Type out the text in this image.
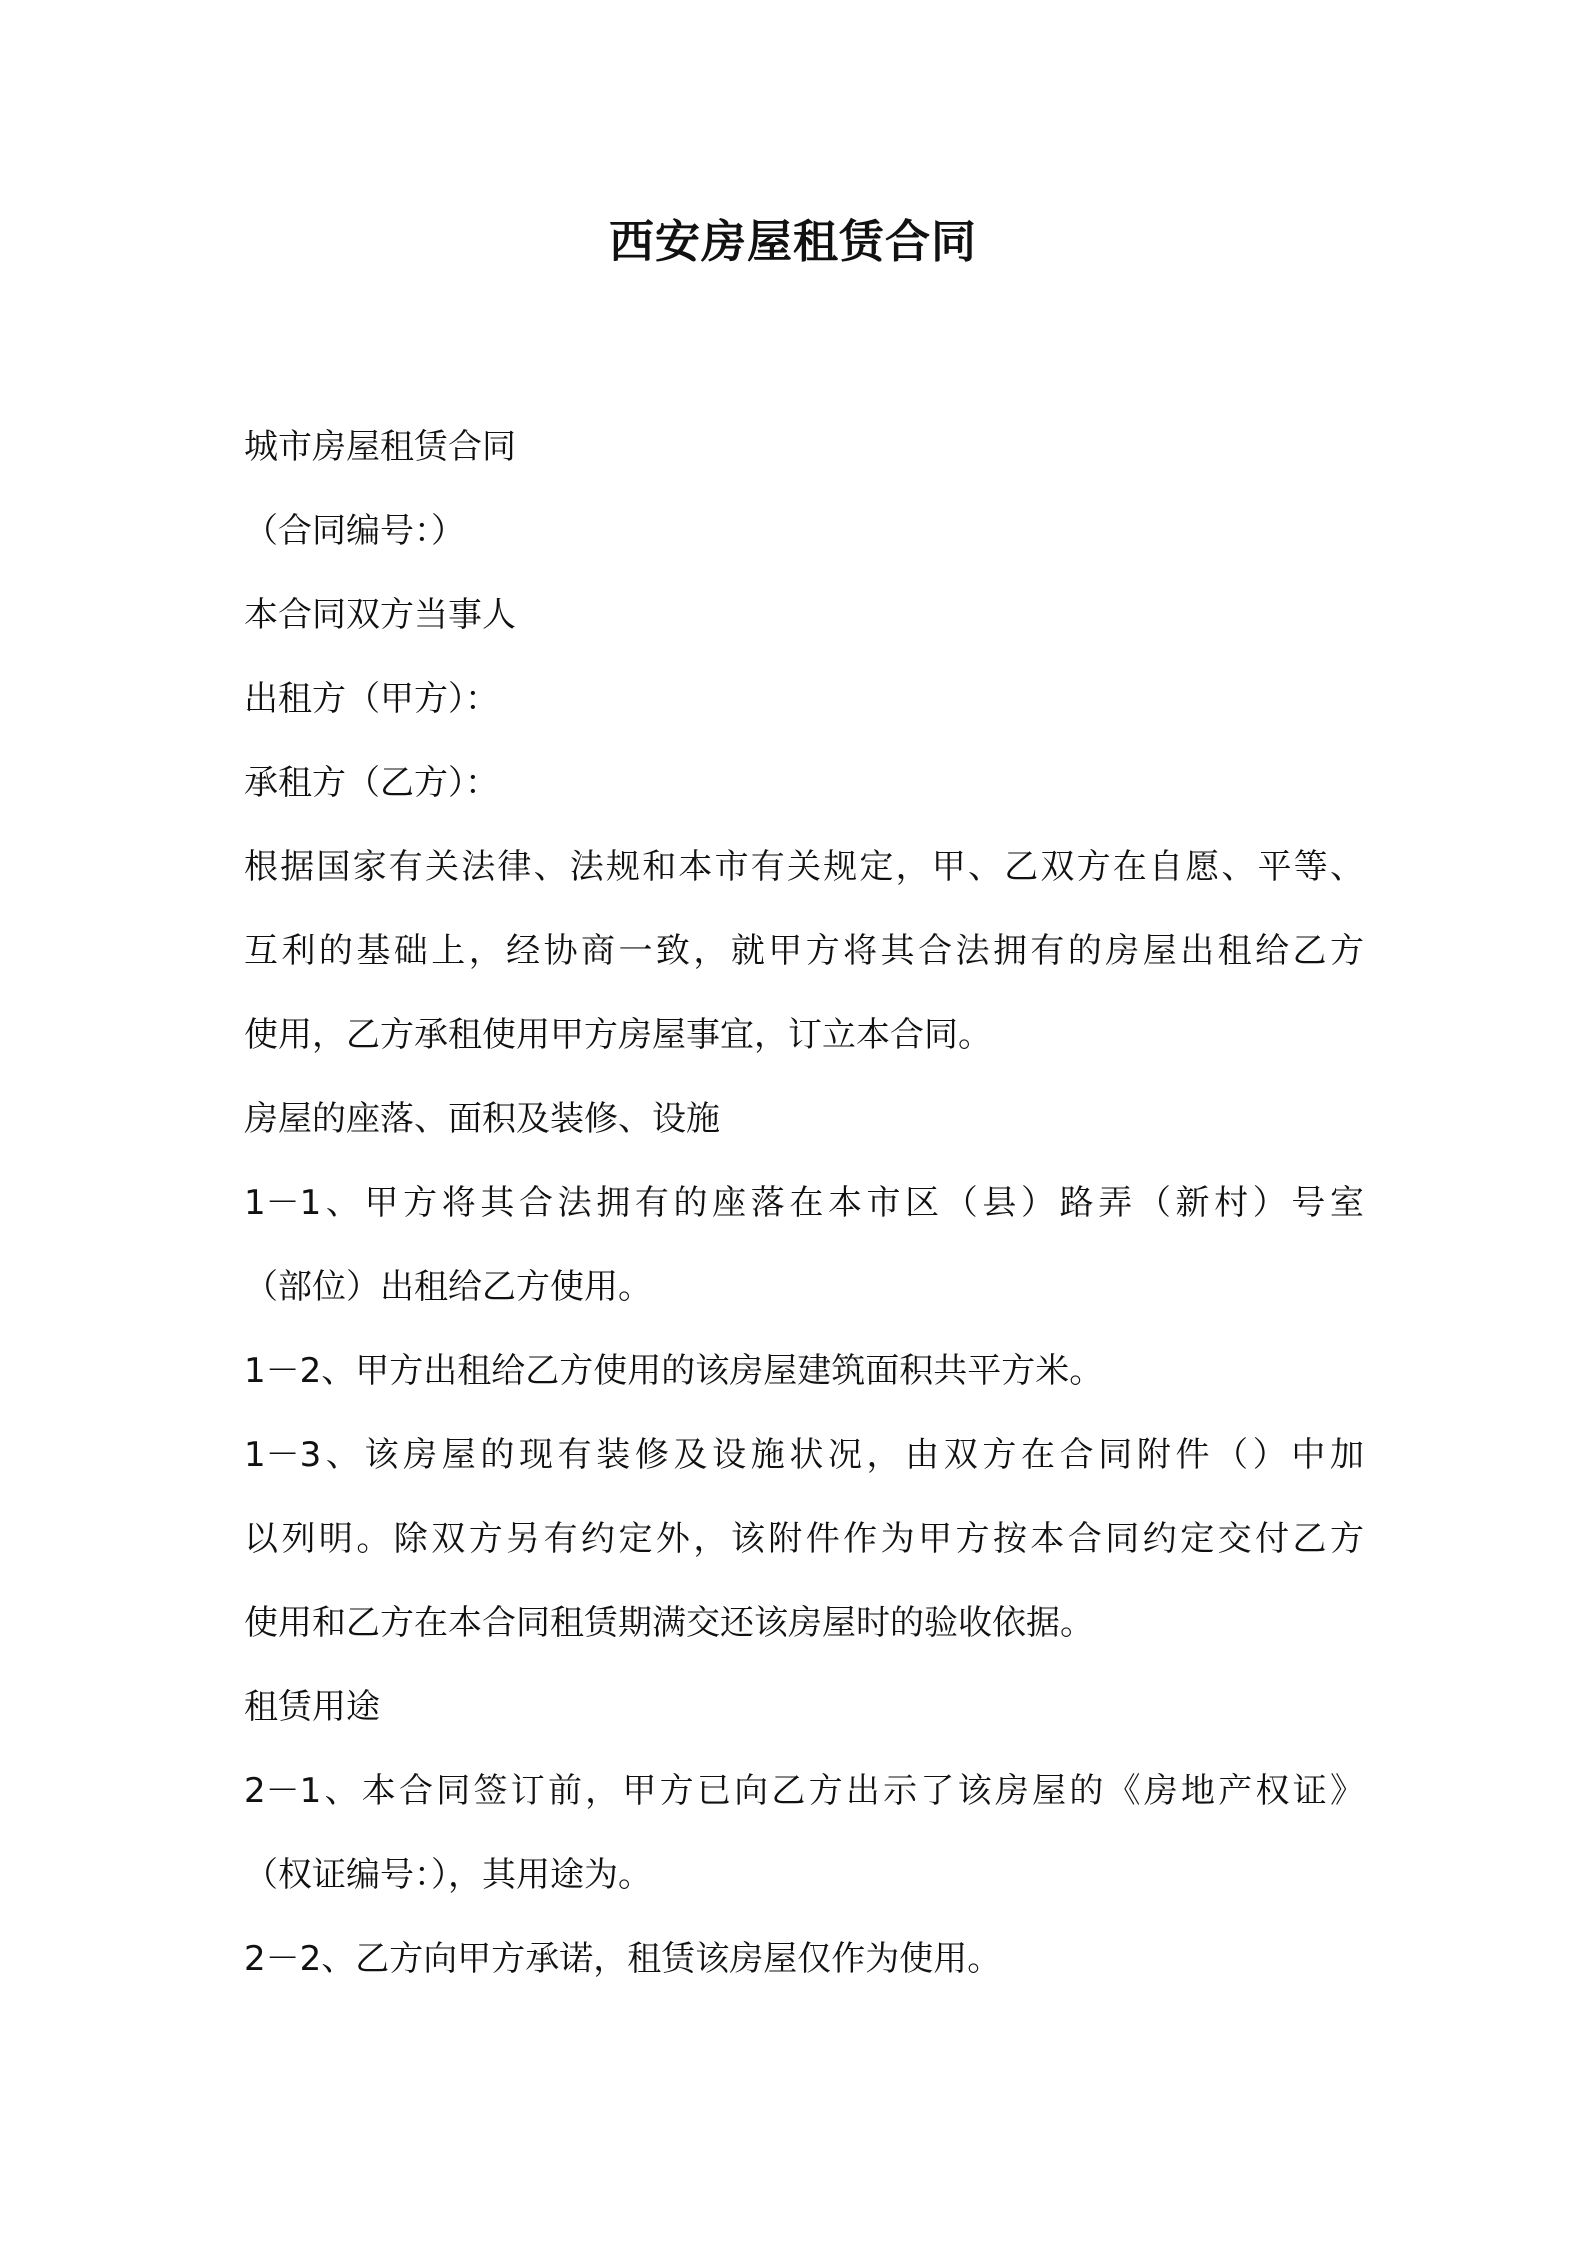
西安房屋租赁合同

城市房屋租赁合同

（合同编号：）

本合同双方当事人

出租方（甲方）：

承租方（乙方）：

根据国家有关法律、法规和本市有关规定，甲、乙双方在自愿、平等、

互利的基础上，经协商一致，就甲方将其合法拥有的房屋出租给乙方

使用，乙方承租使用甲方房屋事宜，订立本合同。

房屋的座落、面积及装修、设施

1－1、甲方将其合法拥有的座落在本市区（县）路弄（新村）号室

（部位）出租给乙方使用。

1－2、甲方出租给乙方使用的该房屋建筑面积共平方米。

1－3、该房屋的现有装修及设施状况，由双方在合同附件（）中加

以列明。除双方另有约定外，该附件作为甲方按本合同约定交付乙方

使用和乙方在本合同租赁期满交还该房屋时的验收依据。

租赁用途

2－1、本合同签订前，甲方已向乙方出示了该房屋的《房地产权证》

（权证编号：），其用途为。

2－2、乙方向甲方承诺，租赁该房屋仅作为使用。
